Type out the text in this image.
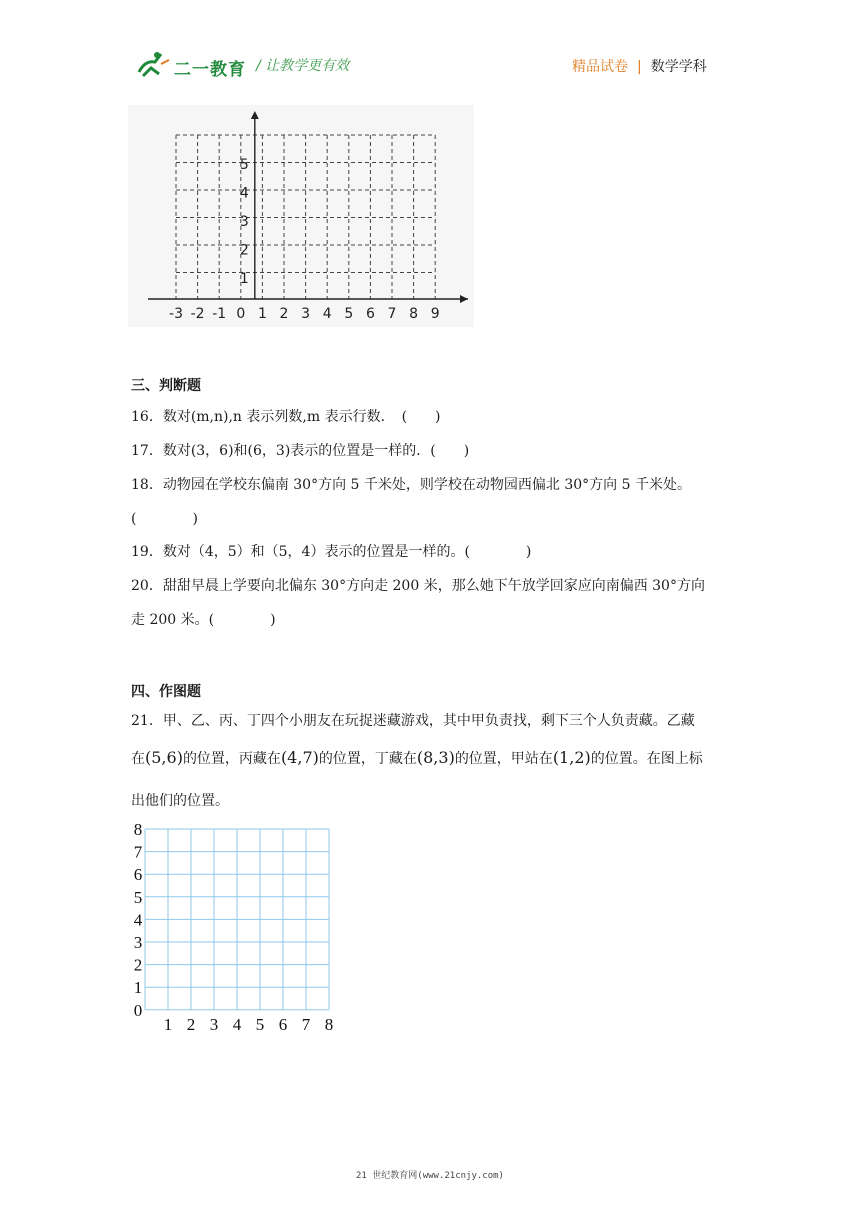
二一教育 / 让教学更有效	精品试卷 | 数学学科
-3 -2 -1 0 1 2 3 4 5 6 7 8 9
1
2
3
4
5
三、判断题
16．数对(m,n),n 表示列数,m 表示行数．　(　　)
17．数对(3，6)和(6，3)表示的位置是一样的．(　　)
18．动物园在学校东偏南 30°方向 5 千米处，则学校在动物园西偏北 30°方向 5 千米处。
(　　　　)
19．数对（4，5）和（5，4）表示的位置是一样的。(　　　　)
20．甜甜早晨上学要向北偏东 30°方向走 200 米，那么她下午放学回家应向南偏西 30°方向
走 200 米。(　　　　)
四、作图题
21．甲、乙、丙、丁四个小朋友在玩捉迷藏游戏，其中甲负责找，剩下三个人负责藏。乙藏
在(5,6)的位置，丙藏在(4,7)的位置，丁藏在(8,3)的位置，甲站在(1,2)的位置。在图上标
出他们的位置。
0
1
2
3
4
5
6
7
8
1 2 3 4 5 6 7 8
21 世纪教育网(www.21cnjy.com)
